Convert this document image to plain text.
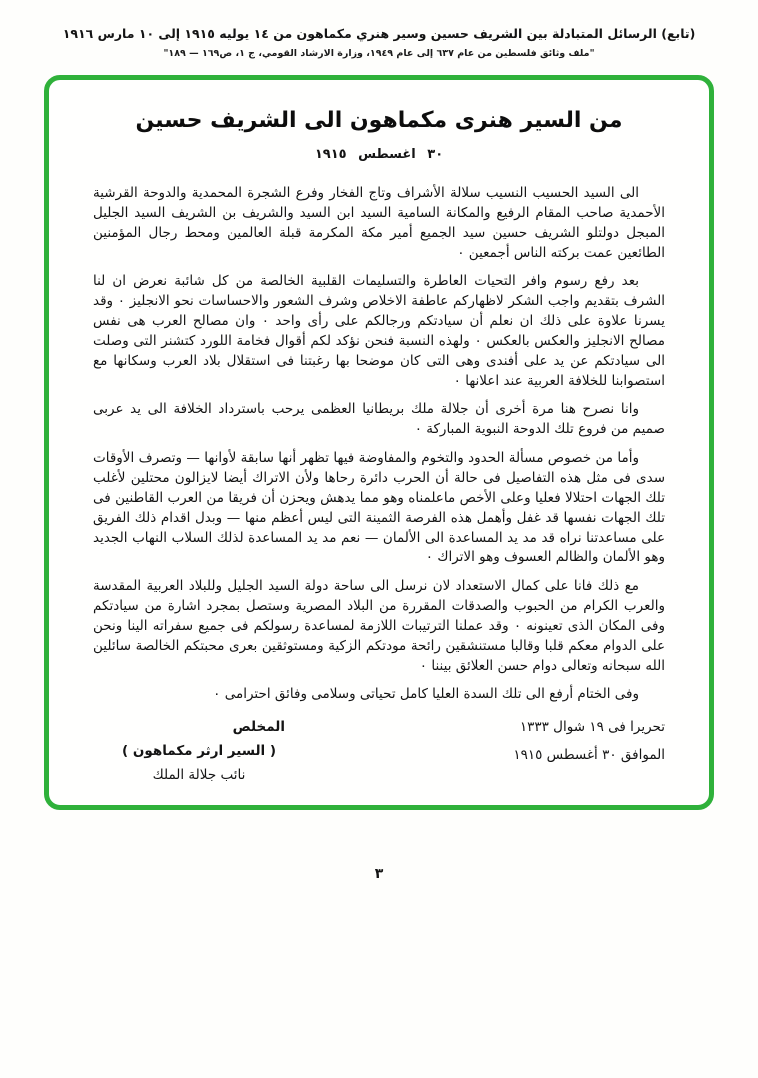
(تابع) الرسائل المتبادلة بين الشريف حسين وسير هنري مكماهون من ١٤ يوليه ١٩١٥ إلى ١٠ مارس ١٩١٦
"ملف وثائق فلسطين من عام ٦٣٧ إلى عام ١٩٤٩، وزارة الارشاد القومي، ج ١، ص١٦٩ — ١٨٩"
من السير هنرى مكماهون الى الشريف حسين
٣٠ اغسطس ١٩١٥

الى السيد الحسيب النسيب سلالة الأشراف وتاج الفخار وفرع الشجرة المحمدية والدوحة القرشية الأحمدية صاحب المقام الرفيع والمكانة السامية السيد ابن السيد والشريف بن الشريف السيد الجليل المبجل دولتلو الشريف حسين سيد الجميع أمير مكة المكرمة قبلة العالمين ومحط رجال المؤمنين الطائعين عمت بركته الناس أجمعين ٠

بعد رفع رسوم وافر التحيات العاطرة والتسليمات القلبية الخالصة من كل شائبة نعرض ان لنا الشرف بتقديم واجب الشكر لاظهاركم عاطفة الاخلاص وشرف الشعور والاحساسات نحو الانجليز ٠ وقد يسرنا علاوة على ذلك ان نعلم أن سيادتكم ورجالكم على رأى واحد ٠ وان مصالح العرب هى نفس مصالح الانجليز والعكس بالعكس ٠ ولهذه النسبة فنحن نؤكد لكم أقوال فخامة اللورد كتشنر التى وصلت الى سيادتكم عن يد على أفندى وهى التى كان موضحا بها رغبتنا فى استقلال بلاد العرب وسكانها مع استصوابنا للخلافة العربية عند اعلانها ٠

وانا نصرح هنا مرة أخرى أن جلالة ملك بريطانيا العظمى يرحب باسترداد الخلافة الى يد عربى صميم من فروع تلك الدوحة النبوية المباركة ٠

وأما من خصوص مسألة الحدود والتخوم والمفاوضة فيها تظهر أنها سابقة لأوانها — وتصرف الأوقات سدى فى مثل هذه التفاصيل فى حالة أن الحرب دائرة رحاها ولأن الاتراك أيضا لايزالون محتلين لأغلب تلك الجهات احتلالا فعليا وعلى الأخص ماعلمناه وهو مما يدهش ويحزن أن فريقا من العرب القاطنين فى تلك الجهات نفسها قد غفل وأهمل هذه الفرصة الثمينة التى ليس أعظم منها — وبدل اقدام ذلك الفريق على مساعدتنا نراه قد مد يد المساعدة الى الألمان — نعم مد يد المساعدة لذلك السلاب النهاب الجديد وهو الألمان والظالم العسوف وهو الاتراك ٠

مع ذلك فانا على كمال الاستعداد لان نرسل الى ساحة دولة السيد الجليل وللبلاد العربية المقدسة والعرب الكرام من الحبوب والصدقات المقررة من البلاد المصرية وستصل بمجرد اشارة من سيادتكم وفى المكان الذى تعينونه ٠ وقد عملنا الترتيبات اللازمة لمساعدة رسولكم فى جميع سفراته الينا ونحن على الدوام معكم قلبا وقالبا مستنشقين رائحة مودتكم الزكية ومستوثقين بعرى محبتكم الخالصة سائلين الله سبحانه وتعالى دوام حسن العلائق بيننا ٠

وفى الختام أرفع الى تلك السدة العليا كامل تحياتى وسلامى وفائق احترامى ٠

تحريرا فى ١٩ شوال ١٣٣٣
الموافق ٣٠ أغسطس ١٩١٥
المخلص
( السير ارثر مكماهون )
نائب جلالة الملك
٣
